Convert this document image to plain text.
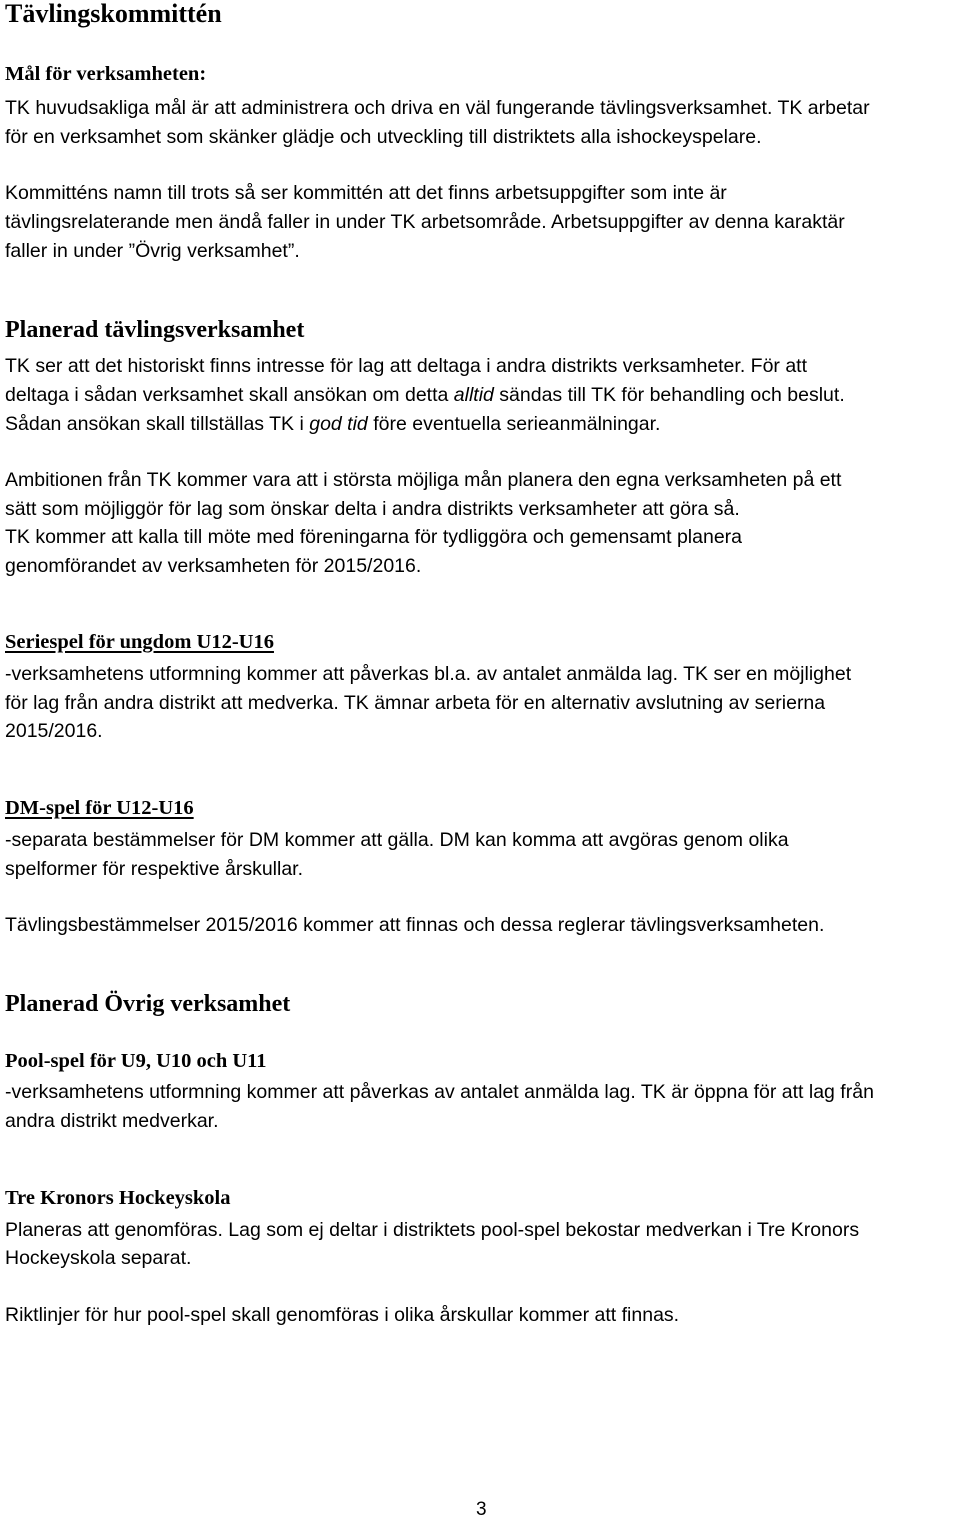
Tävlingskommittén
Mål för verksamheten:
TK huvudsakliga mål är att administrera och driva en väl fungerande tävlingsverksamhet. TK arbetar
för en verksamhet som skänker glädje och utveckling till distriktets alla ishockeyspelare.
Kommitténs namn till trots så ser kommittén att det finns arbetsuppgifter som inte är
tävlingsrelaterande men ändå faller in under TK arbetsområde. Arbetsuppgifter av denna karaktär
faller in under ”Övrig verksamhet”.
Planerad tävlingsverksamhet
TK ser att det historiskt finns intresse för lag att deltaga i andra distrikts verksamheter. För att
deltaga i sådan verksamhet skall ansökan om detta alltid sändas till TK för behandling och beslut.
Sådan ansökan skall tillställas TK i god tid före eventuella serieanmälningar.
Ambitionen från TK kommer vara att i största möjliga mån planera den egna verksamheten på ett
sätt som möjliggör för lag som önskar delta i andra distrikts verksamheter att göra så.
TK kommer att kalla till möte med föreningarna för tydliggöra och gemensamt planera
genomförandet av verksamheten för 2015/2016.
Seriespel för ungdom U12-U16
-verksamhetens utformning kommer att påverkas bl.a. av antalet anmälda lag. TK ser en möjlighet
för lag från andra distrikt att medverka. TK ämnar arbeta för en alternativ avslutning av serierna
2015/2016.
DM-spel för U12-U16
-separata bestämmelser för DM kommer att gälla. DM kan komma att avgöras genom olika
spelformer för respektive årskullar.
Tävlingsbestämmelser 2015/2016 kommer att finnas och dessa reglerar tävlingsverksamheten.
Planerad Övrig verksamhet
Pool-spel för U9, U10 och U11
-verksamhetens utformning kommer att påverkas av antalet anmälda lag. TK är öppna för att lag från
andra distrikt medverkar.
Tre Kronors Hockeyskola
Planeras att genomföras. Lag som ej deltar i distriktets pool-spel bekostar medverkan i Tre Kronors
Hockeyskola separat.
Riktlinjer för hur pool-spel skall genomföras i olika årskullar kommer att finnas.
3
